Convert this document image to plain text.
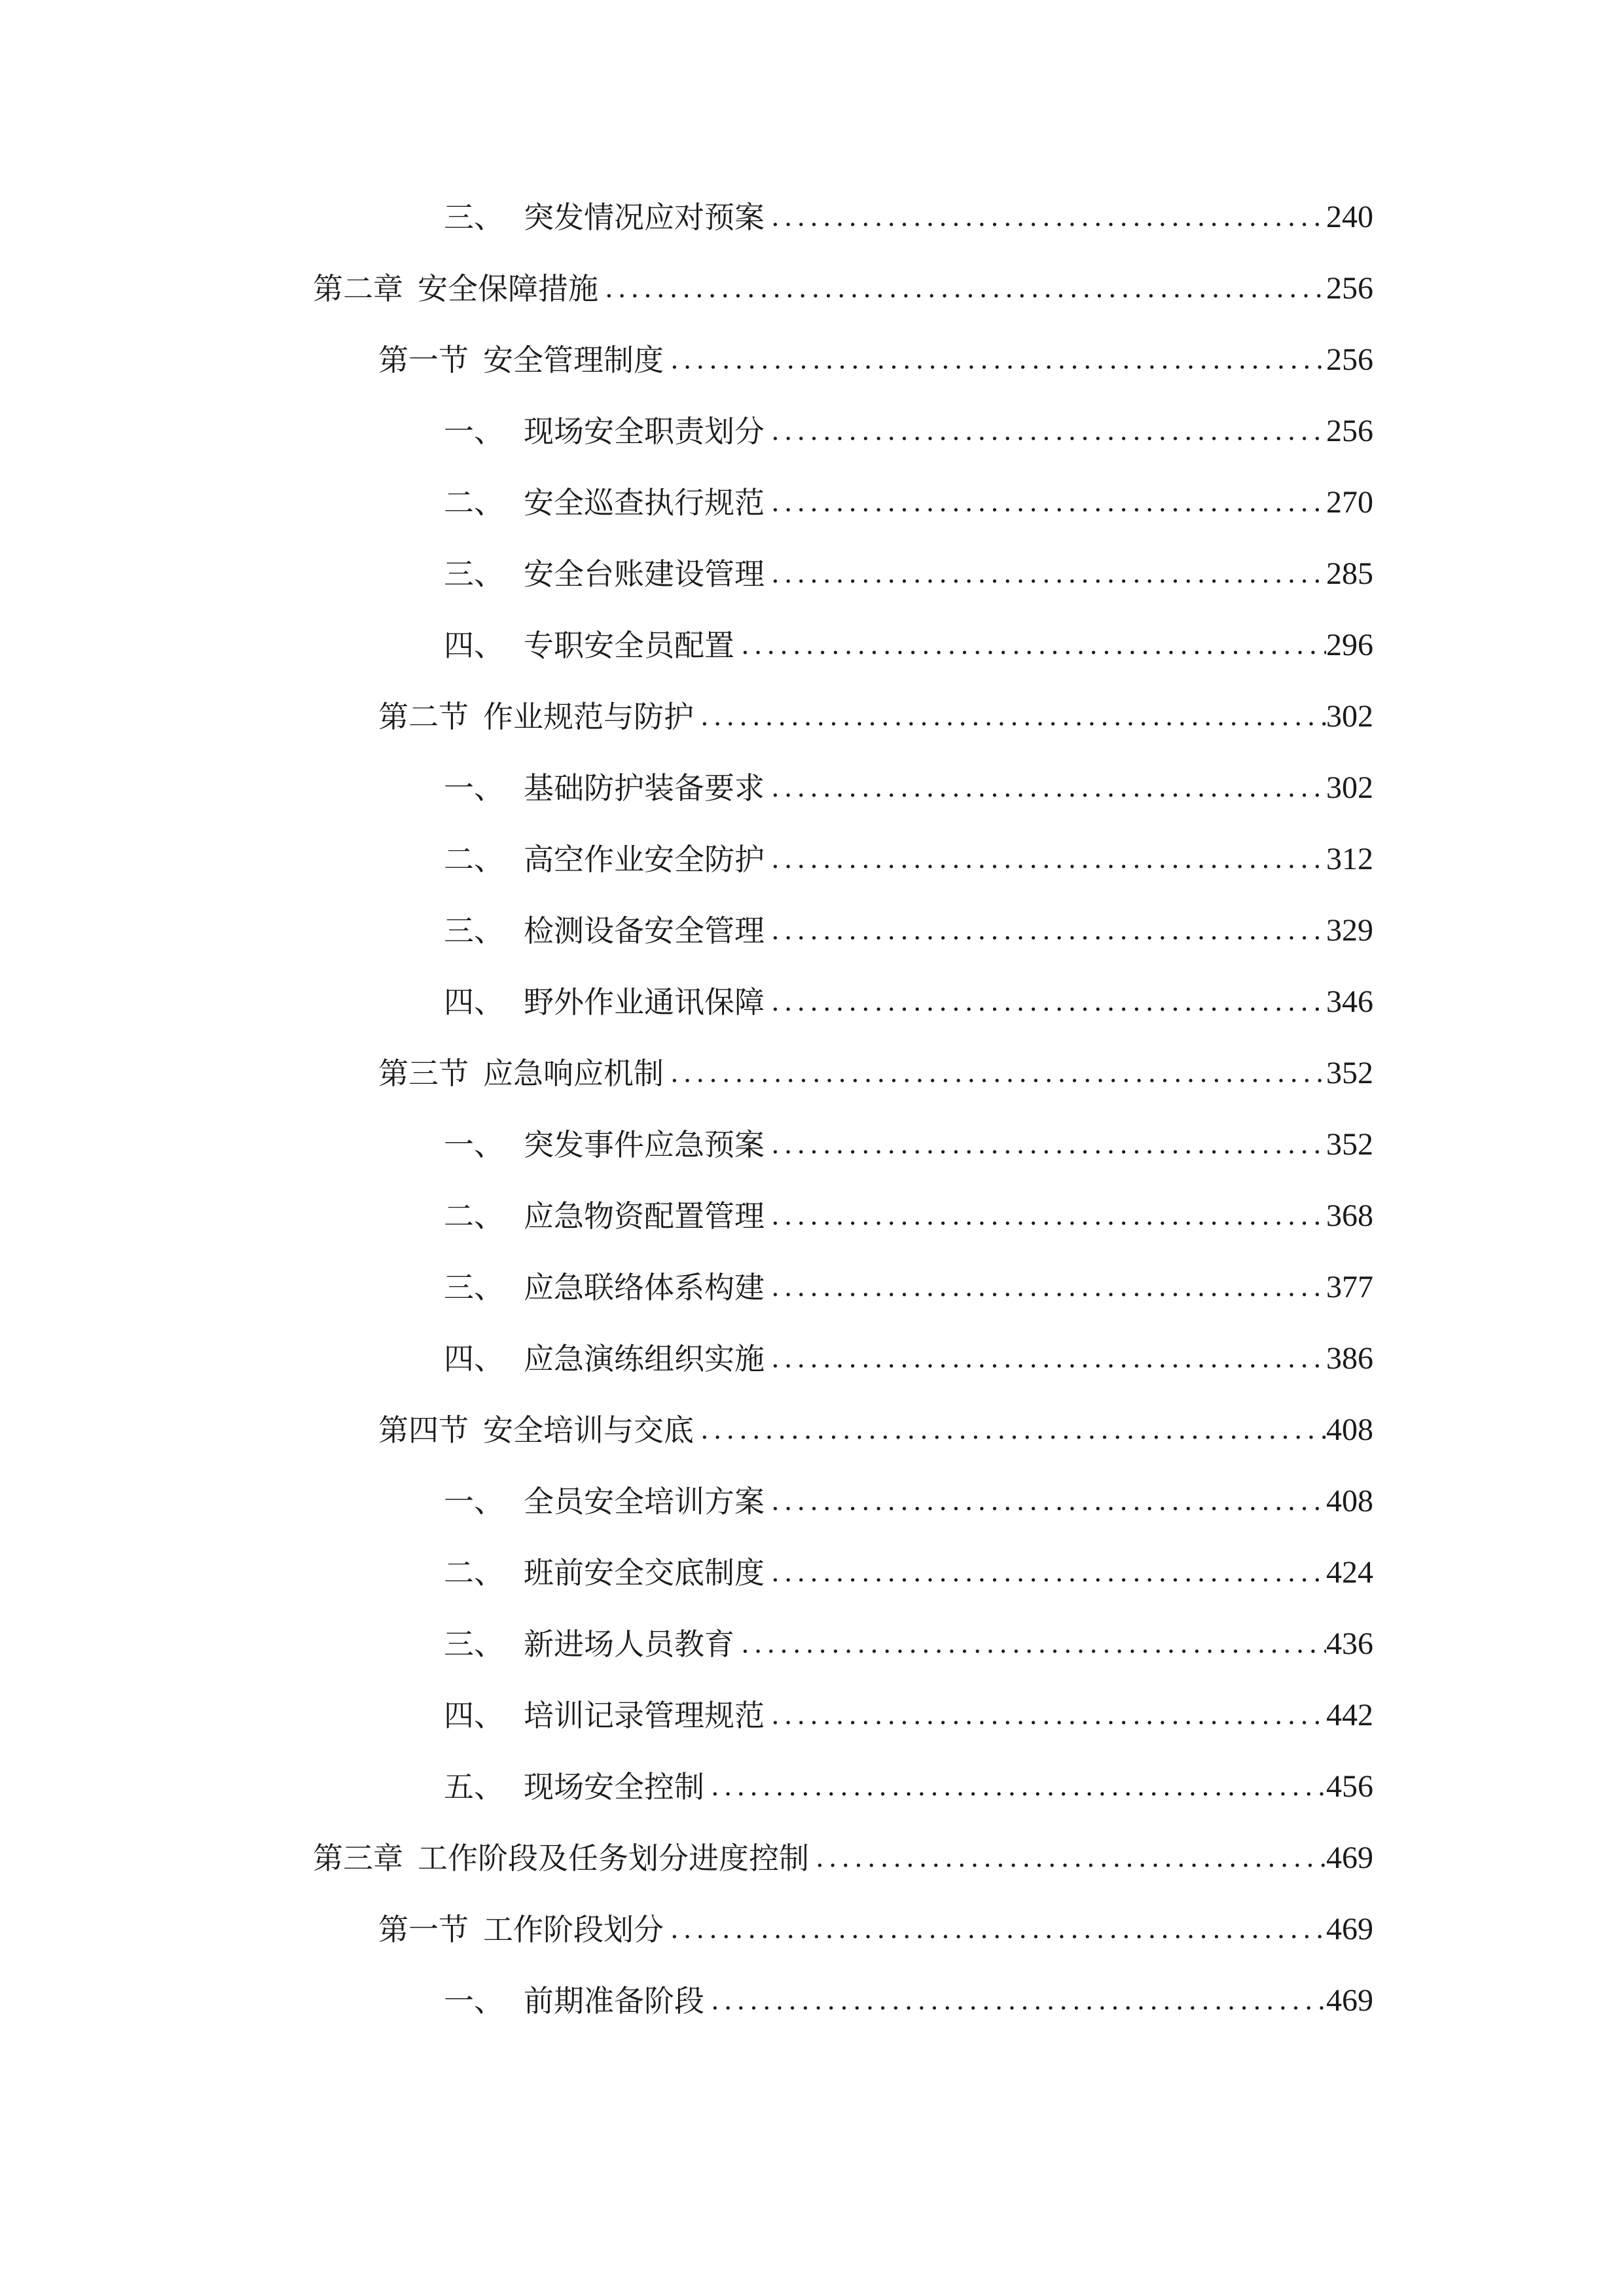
三、 突发情况应对预案 .....	240
第二章 安全保障措施 .....	256
第一节 安全管理制度 .....	256
一、 现场安全职责划分 .....	256
二、 安全巡查执行规范 .....	270
三、 安全台账建设管理 .....	285
四、 专职安全员配置 .....	296
第二节 作业规范与防护 .....	302
一、 基础防护装备要求 .....	302
二、 高空作业安全防护 .....	312
三、 检测设备安全管理 .....	329
四、 野外作业通讯保障 .....	346
第三节 应急响应机制 .....	352
一、 突发事件应急预案 .....	352
二、 应急物资配置管理 .....	368
三、 应急联络体系构建 .....	377
四、 应急演练组织实施 .....	386
第四节 安全培训与交底 .....	408
一、 全员安全培训方案 .....	408
二、 班前安全交底制度 .....	424
三、 新进场人员教育 .....	436
四、 培训记录管理规范 .....	442
五、 现场安全控制 .....	456
第三章 工作阶段及任务划分进度控制 .....	469
第一节 工作阶段划分 .....	469
一、 前期准备阶段 .....	469
